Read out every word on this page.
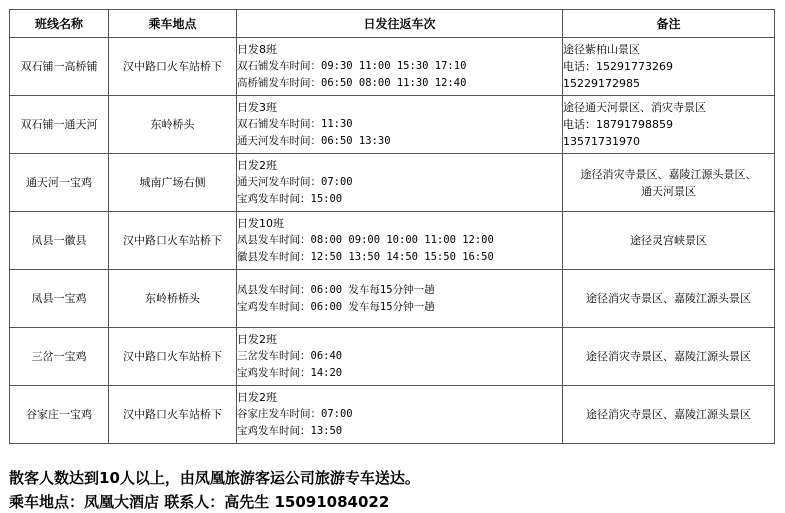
班线名称	乘车地点	日发往返车次	备注
双石铺一高桥铺	汉中路口火车站桥下	日发8班
双石铺发车时间：09:30 11:00 15:30 17:10
高桥铺发车时间：06:50 08:00 11:30 12:40	途径紫柏山景区
电话：15291773269
15229172985

双石铺一通天河	东岭桥头	日发3班
双石铺发车时间：11:30
通天河发车时间：06:50 13:30	途径通天河景区、消灾寺景区
电话：18791798859
13571731970

通天河一宝鸡	城南广场右侧	日发2班
通天河发车时间：07:00
宝鸡发车时间：15:00	途径消灾寺景区、嘉陵江源头景区、
通天河景区

凤县一徽县	汉中路口火车站桥下	日发10班
凤县发车时间：08:00 09:00 10:00 11:00 12:00
徽县发车时间：12:50 13:50 14:50 15:50 16:50	途径灵宫峡景区

凤县一宝鸡	东岭桥桥头	凤县发车时间：06:00 发车每15分钟一趟
宝鸡发车时间：06:00 发车每15分钟一趟	途径消灾寺景区、嘉陵江源头景区

三岔一宝鸡	汉中路口火车站桥下	日发2班
三岔发车时间：06:40
宝鸡发车时间：14:20	途径消灾寺景区、嘉陵江源头景区

谷家庄一宝鸡	汉中路口火车站桥下	日发2班
谷家庄发车时间：07:00
宝鸡发车时间：13:50	途径消灾寺景区、嘉陵江源头景区
散客人数达到10人以上，由凤凰旅游客运公司旅游专车送达。
乘车地点：凤凰大酒店 联系人：高先生 15091084022
